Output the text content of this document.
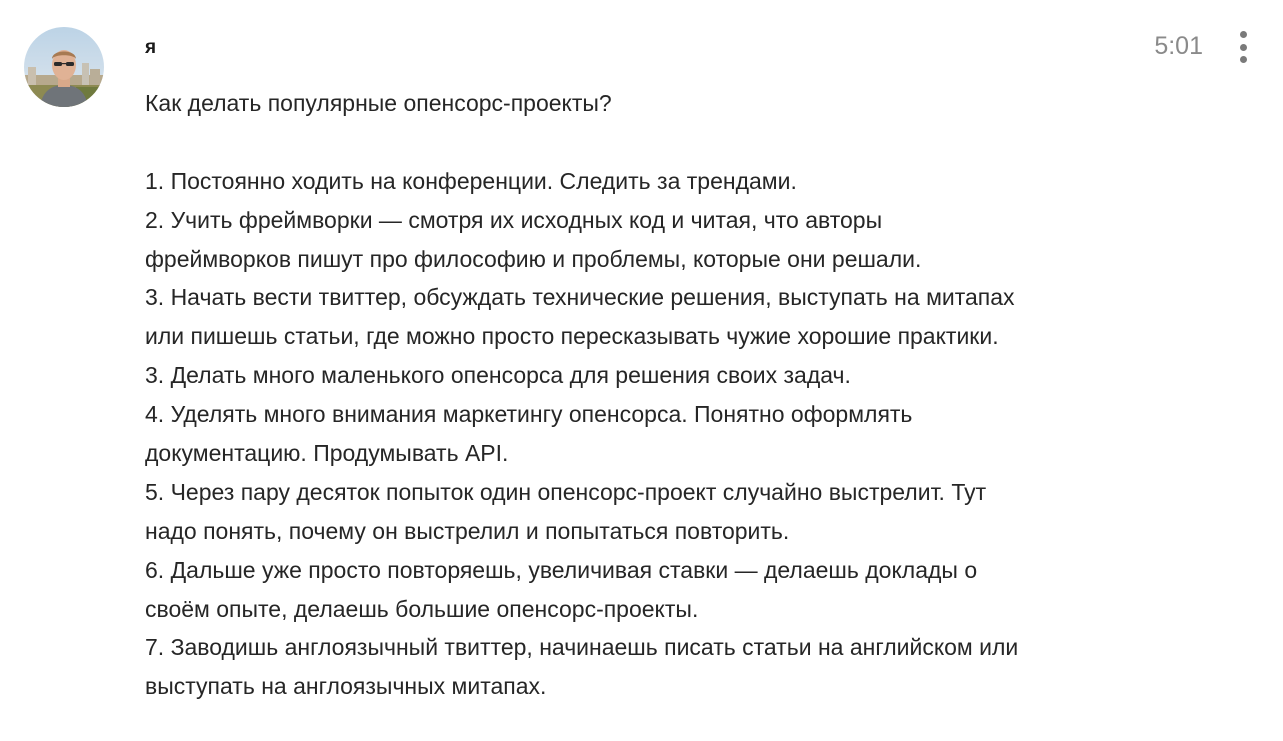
я	5:01
Как делать популярные опенсорс-проекты?
1. Постоянно ходить на конференции. Следить за трендами.
2. Учить фреймворки — смотря их исходных код и читая, что авторы
фреймворков пишут про философию и проблемы, которые они решали.
3. Начать вести твиттер, обсуждать технические решения, выступать на митапах
или пишешь статьи, где можно просто пересказывать чужие хорошие практики.
3. Делать много маленького опенсорса для решения своих задач.
4. Уделять много внимания маркетингу опенсорса. Понятно оформлять
документацию. Продумывать API.
5. Через пару десяток попыток один опенсорс-проект случайно выстрелит. Тут
надо понять, почему он выстрелил и попытаться повторить.
6. Дальше уже просто повторяешь, увеличивая ставки — делаешь доклады о
своём опыте, делаешь большие опенсорс-проекты.
7. Заводишь англоязычный твиттер, начинаешь писать статьи на английском или
выступать на англоязычных митапах.
